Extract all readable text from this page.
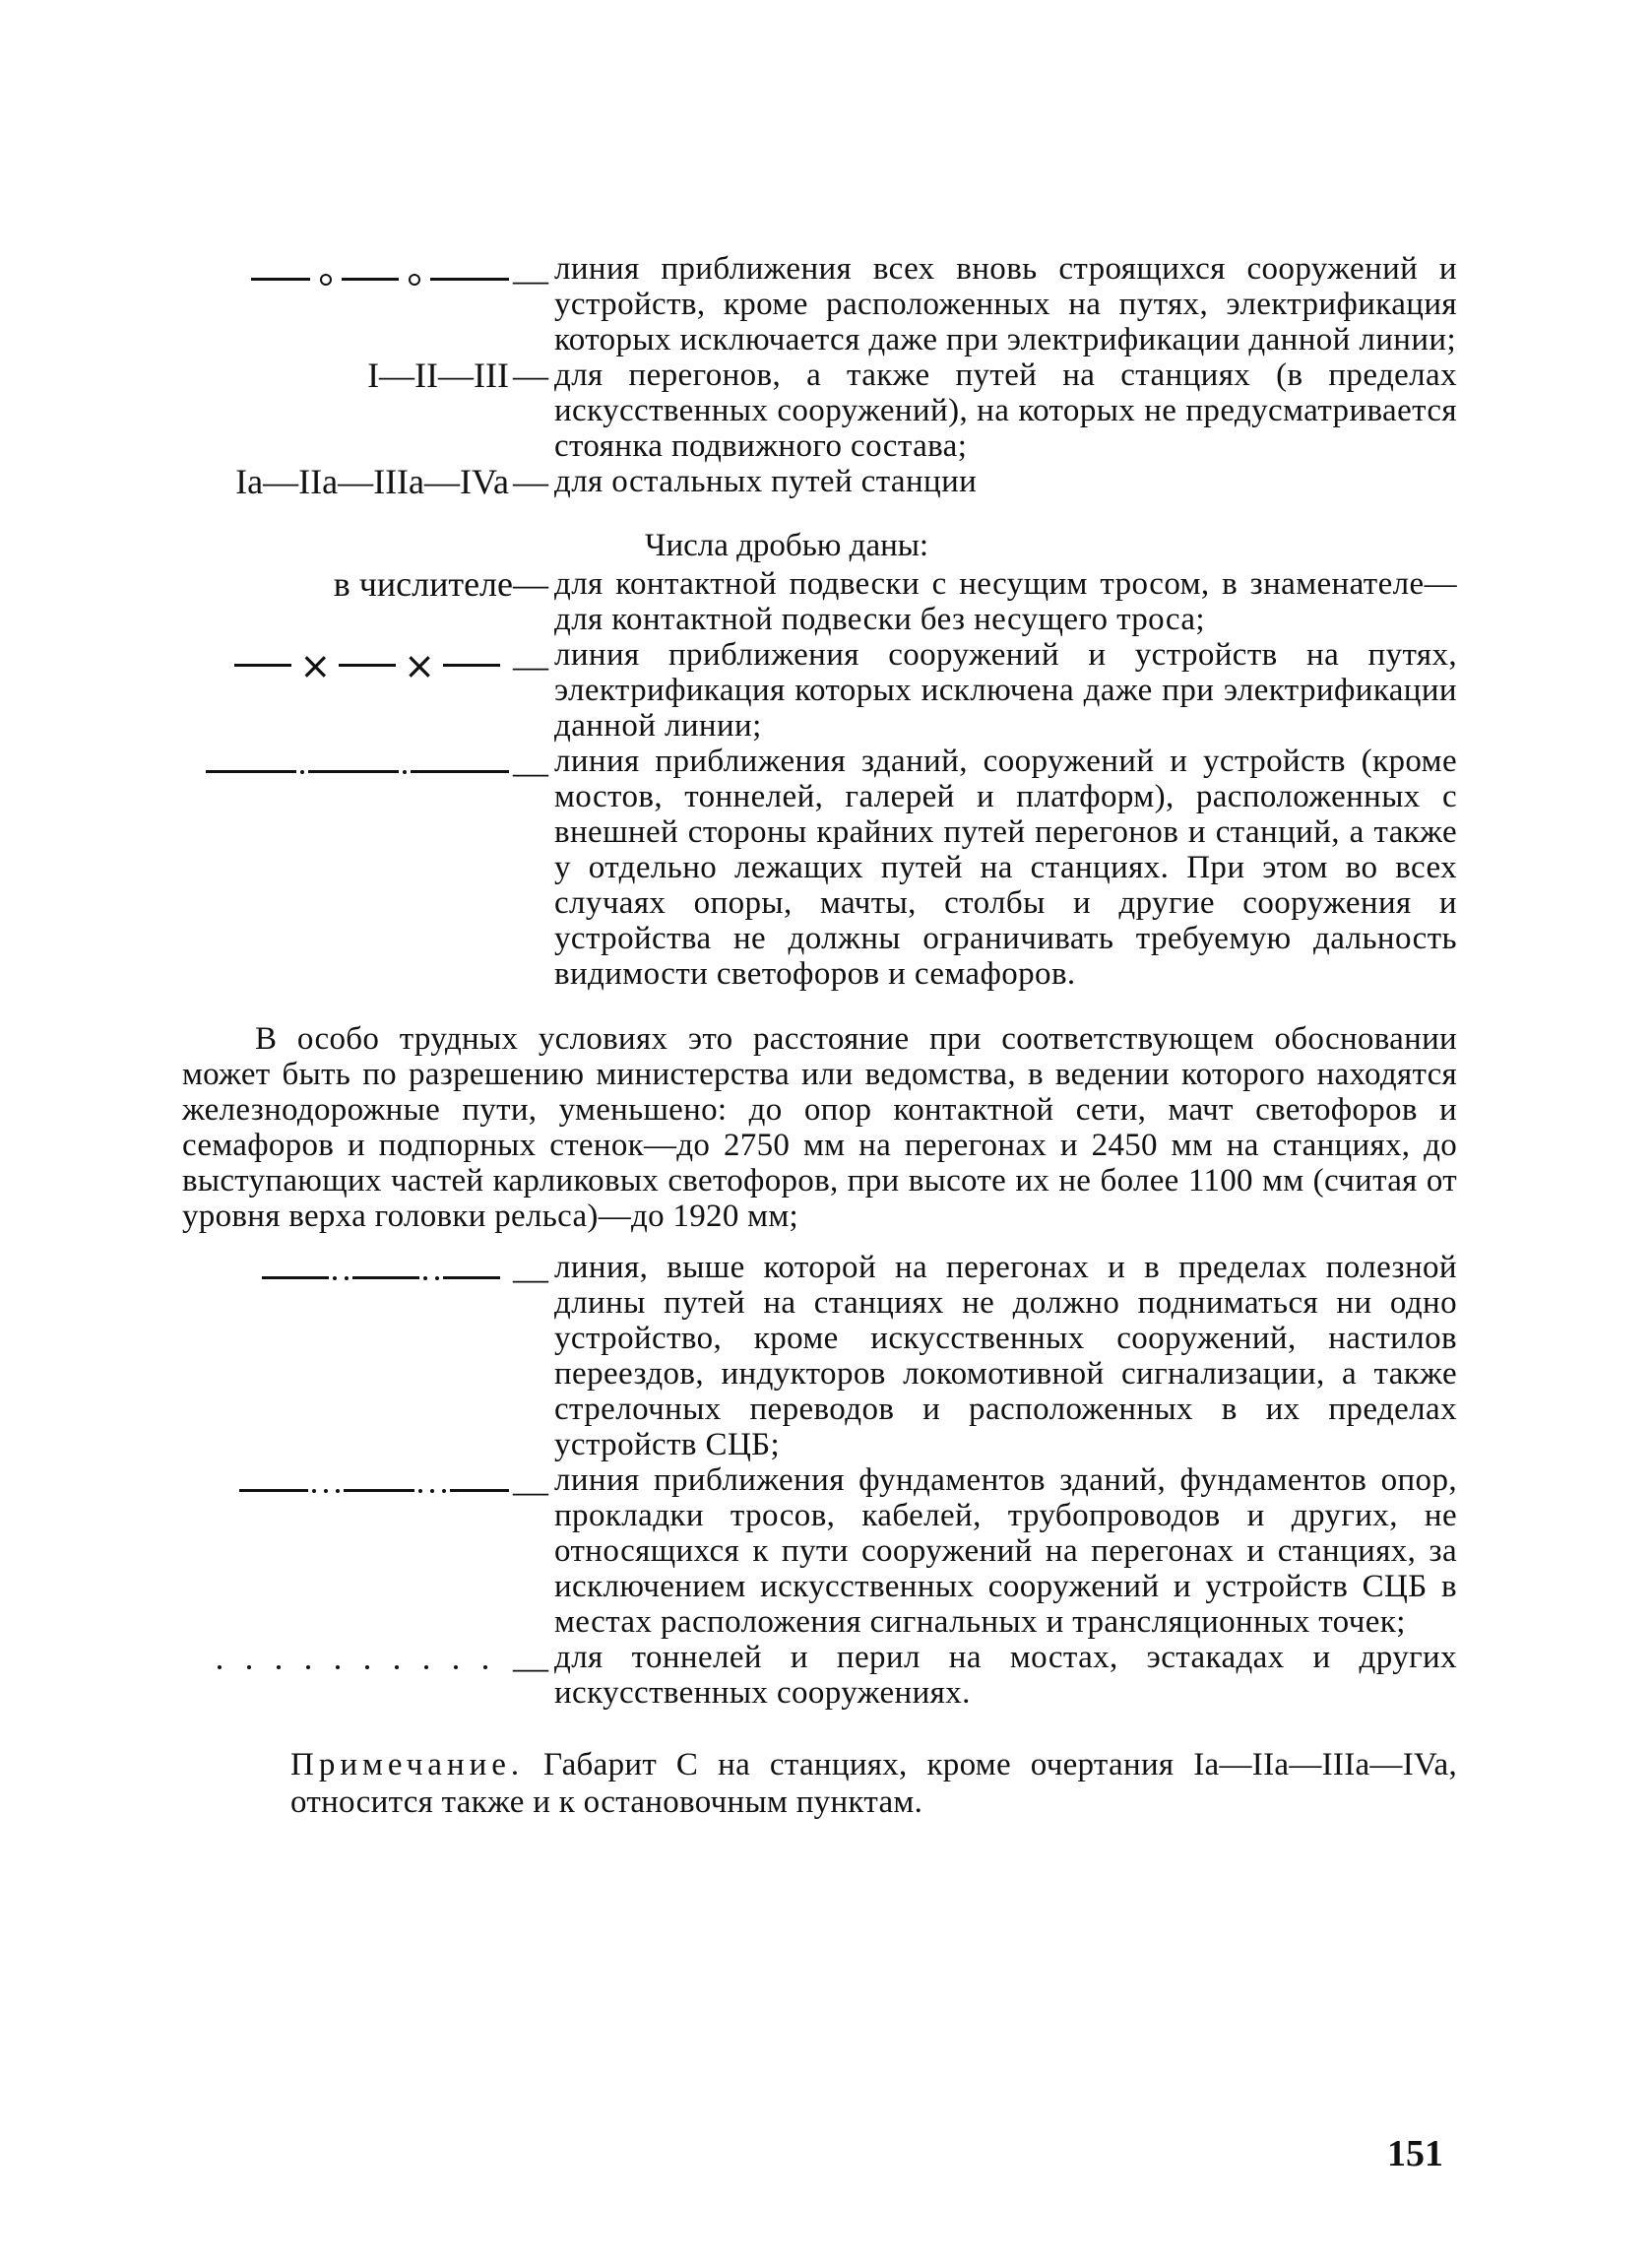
— линия приближения всех вновь строящихся сооружений и устройств, кроме расположенных на путях, электрификация которых исключается даже при электрификации данной линии;
I—II—III — для перегонов, а также путей на станциях (в пределах искусственных сооружений), на которых не предусматривается стоянка подвижного состава;
Ia—IIa—IIIa—IVa — для остальных путей станции
Числа дробью даны:
в числителе— для контактной подвески с несущим тросом, в знаменателе—для контактной подвески без несущего троса;
× × — линия приближения сооружений и устройств на путях, электрификация которых исключена даже при электрификации данной линии;
— линия приближения зданий, сооружений и устройств (кроме мостов, тоннелей, галерей и платформ), расположенных с внешней стороны крайних путей перегонов и станций, а также у отдельно лежащих путей на станциях. При этом во всех случаях опоры, мачты, столбы и другие сооружения и устройства не должны ограничивать требуемую дальность видимости светофоров и семафоров.
В особо трудных условиях это расстояние при соответствующем обосновании может быть по разрешению министерства или ведомства, в ведении которого находятся железнодорожные пути, уменьшено: до опор контактной сети, мачт светофоров и семафоров и подпорных стенок—до 2750 мм на перегонах и 2450 мм на станциях, до выступающих частей карликовых светофоров, при высоте их не более 1100 мм (считая от уровня верха головки рельса)—до 1920 мм;
— линия, выше которой на перегонах и в пределах полезной длины путей на станциях не должно подниматься ни одно устройство, кроме искусственных сооружений, настилов переездов, индукторов локомотивной сигнализации, а также стрелочных переводов и расположенных в их пределах устройств СЦБ;
— линия приближения фундаментов зданий, фундаментов опор, прокладки тросов, кабелей, трубопроводов и других, не относящихся к пути сооружений на перегонах и станциях, за исключением искусственных сооружений и устройств СЦБ в местах расположения сигнальных и трансляционных точек;
— для тоннелей и перил на мостах, эстакадах и других искусственных сооружениях.
Примечание. Габарит С на станциях, кроме очертания Ia—IIa—IIIa—IVa, относится также и к остановочным пунктам.
151
